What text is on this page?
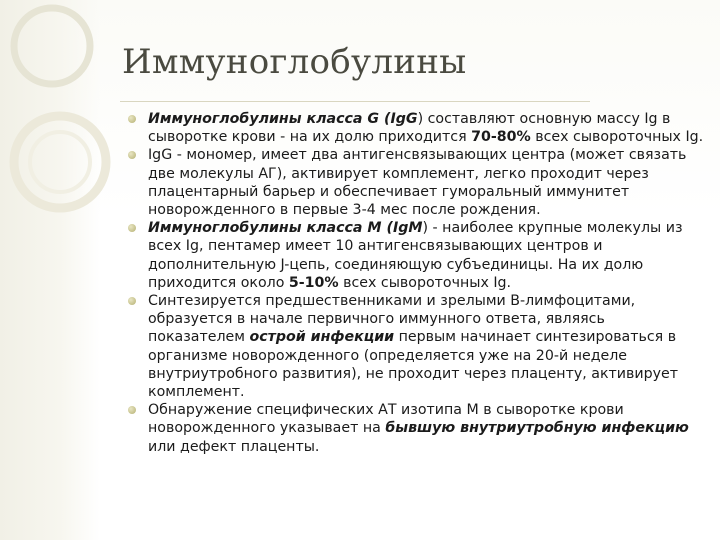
Иммуноглобулины
Иммуноглобулины класса G (IgG) составляют основную массу Ig в сыворотке крови - на их долю приходится 70-80% всех сывороточных Ig.
IgG - мономер, имеет два антигенсвязывающих центра (может связать две молекулы АГ), активирует комплемент, легко проходит через плацентарный барьер и обеспечивает гуморальный иммунитет новорожденного в первые 3-4 мес после рождения.
Иммуноглобулины класса М (IgM) - наиболее крупные молекулы из всех Ig, пентамер имеет 10 антигенсвязывающих центров и дополнительную J-цепь, соединяющую субъединицы. На их долю приходится около 5-10% всех сывороточных Ig.
Синтезируется предшественниками и зрелыми В-лимфоцитами, образуется в начале первичного иммунного ответа, являясь показателем острой инфекции первым начинает синтезироваться в организме новорожденного (определяется уже на 20-й неделе внутриутробного развития), не проходит через плаценту, активирует комплемент.
Обнаружение специфических АТ изотипа М в сыворотке крови новорожденного указывает на бывшую внутриутробную инфекцию или дефект плаценты.
